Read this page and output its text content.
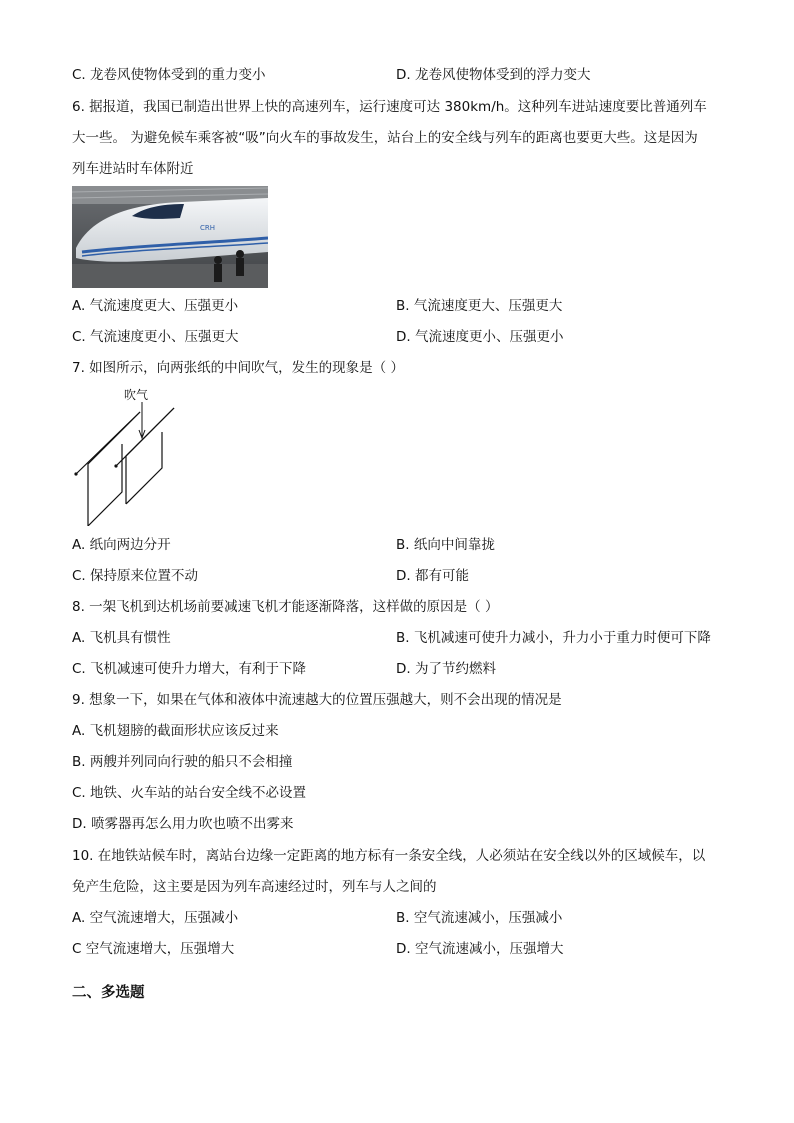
C. 龙卷风使物体受到的重力变小	D. 龙卷风使物体受到的浮力变大
6. 据报道，我国已制造出世界上快的高速列车，运行速度可达 380km/h。这种列车进站速度要比普通列车
大一些。 为避免候车乘客被“吸”向火车的事故发生，站台上的安全线与列车的距离也要更大些。这是因为
列车进站时车体附近
CRH
A. 气流速度更大、压强更小	B. 气流速度更大、压强更大
C. 气流速度更小、压强更大	D. 气流速度更小、压强更小
7. 如图所示，向两张纸的中间吹气，发生的现象是（ ）
吹气
A. 纸向两边分开	B. 纸向中间靠拢
C. 保持原来位置不动	D. 都有可能
8. 一架飞机到达机场前要减速飞机才能逐渐降落，这样做的原因是（ ）
A. 飞机具有惯性	B. 飞机减速可使升力减小，升力小于重力时便可下降
C. 飞机减速可使升力增大，有利于下降	D. 为了节约燃料
9. 想象一下，如果在气体和液体中流速越大的位置压强越大，则不会出现的情况是
A. 飞机翅膀的截面形状应该反过来
B. 两艘并列同向行驶的船只不会相撞
C. 地铁、火车站的站台安全线不必设置
D. 喷雾器再怎么用力吹也喷不出雾来
10. 在地铁站候车时，离站台边缘一定距离的地方标有一条安全线，人必须站在安全线以外的区域候车，以
免产生危险，这主要是因为列车高速经过时，列车与人之间的
A. 空气流速增大，压强减小	B. 空气流速减小，压强减小
C 空气流速增大，压强增大	D. 空气流速减小，压强增大
二、多选题
